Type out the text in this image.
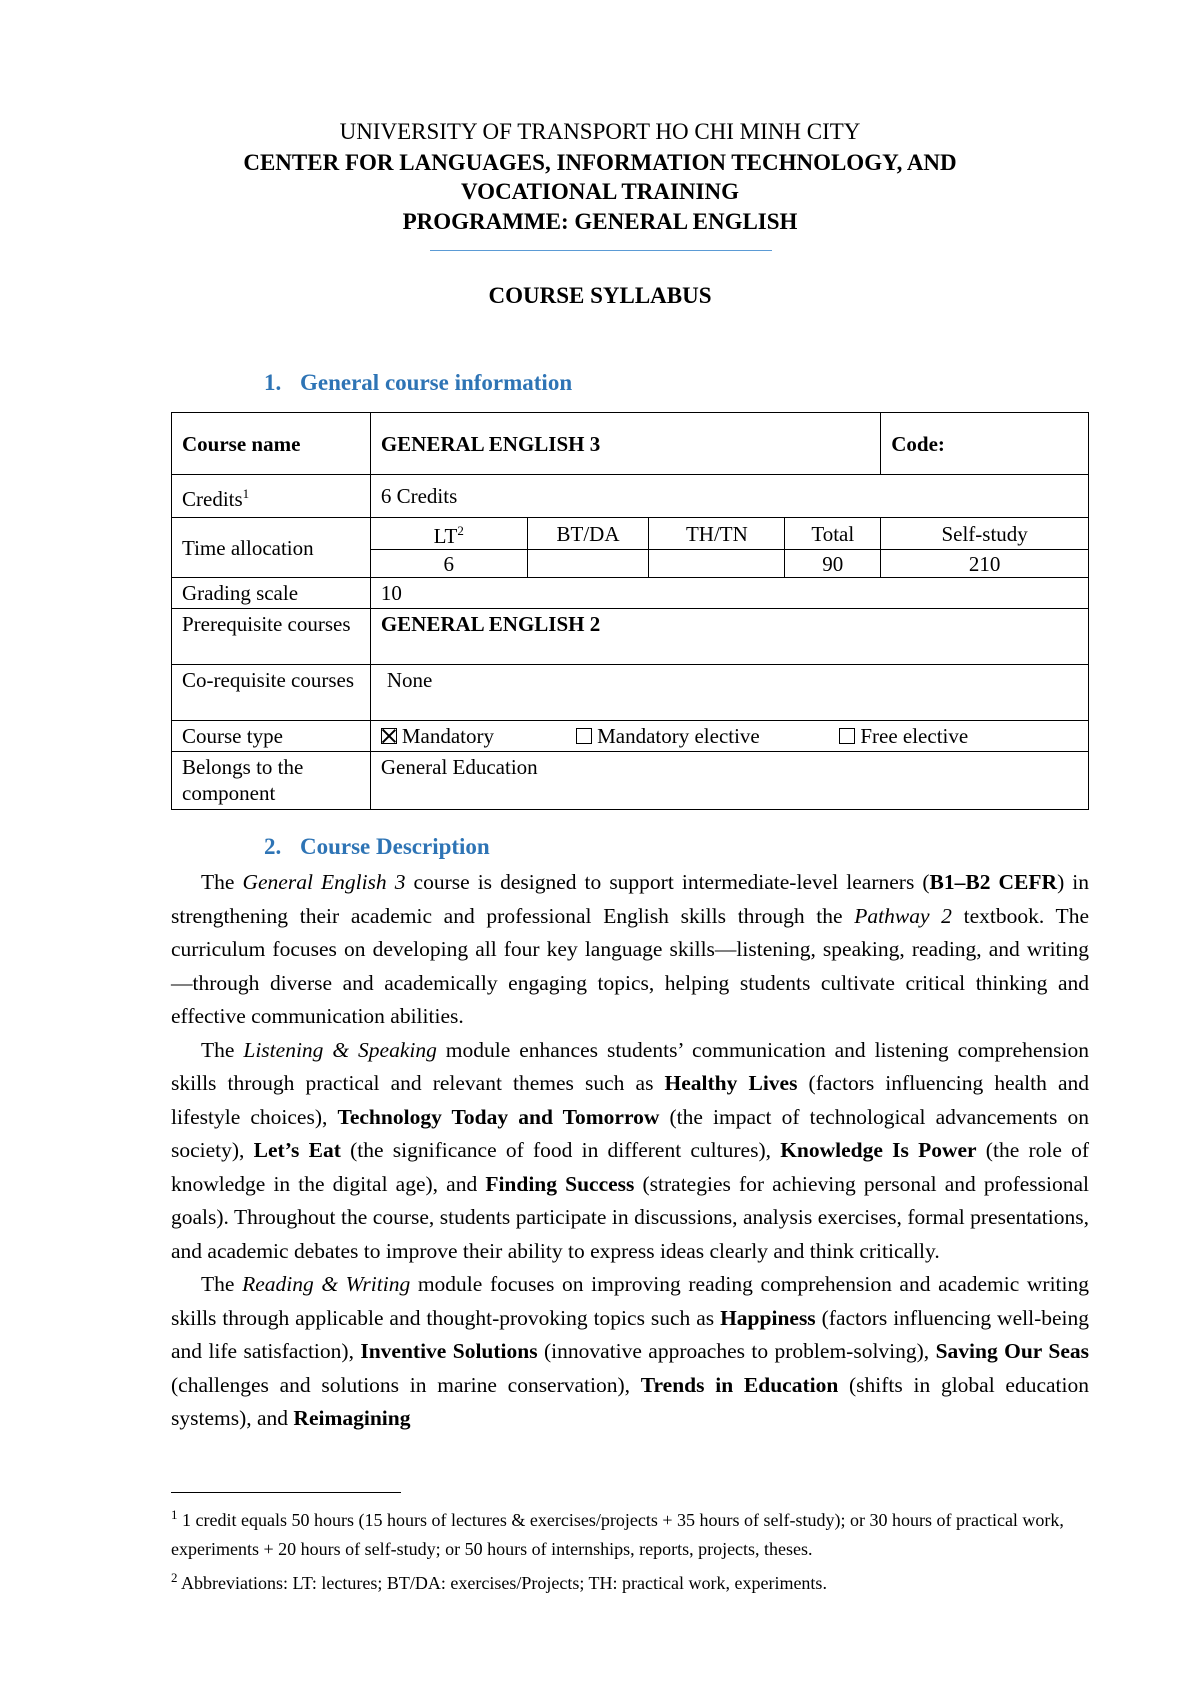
UNIVERSITY OF TRANSPORT HO CHI MINH CITY
CENTER FOR LANGUAGES, INFORMATION TECHNOLOGY, AND
VOCATIONAL TRAINING
PROGRAMME: GENERAL ENGLISH
COURSE SYLLABUS
1. General course information
Course name	GENERAL ENGLISH 3				Code:
Credits$^1$	6 Credits				
Time allocation	$LT^2$	BT/DA	TH/TN	Total	Self-study
	6			90	210
Grading scale	10				
Prerequisite courses	GENERAL ENGLISH 2				
Co-requisite courses	None				
Course type	Mandatory Mandatory elective Free elective				
Belongs to the component	General Education				
2. Course Description

The General English 3 course is designed to support intermediate-level learners (B1–B2 CEFR) in strengthening their academic and professional English skills through the Pathway 2 textbook. The curriculum focuses on developing all four key language skills—listening, speaking, reading, and writing—through diverse and academically engaging topics, helping students cultivate critical thinking and effective communication abilities.

The Listening & Speaking module enhances students’ communication and listening comprehension skills through practical and relevant themes such as Healthy Lives (factors influencing health and lifestyle choices), Technology Today and Tomorrow (the impact of technological advancements on society), Let’s Eat (the significance of food in different cultures), Knowledge Is Power (the role of knowledge in the digital age), and Finding Success (strategies for achieving personal and professional goals). Throughout the course, students participate in discussions, analysis exercises, formal presentations, and academic debates to improve their ability to express ideas clearly and think critically.

The Reading & Writing module focuses on improving reading comprehension and academic writing skills through applicable and thought-provoking topics such as Happiness (factors influencing well-being and life satisfaction), Inventive Solutions (innovative approaches to problem-solving), Saving Our Seas (challenges and solutions in marine conservation), Trends in Education (shifts in global education systems), and Reimagining

$^1$ 1 credit equals 50 hours (15 hours of lectures & exercises/projects + 35 hours of self-study); or 30 hours of practical work, experiments + 20 hours of self-study; or 50 hours of internships, reports, projects, theses.
$^2$ Abbreviations: LT: lectures; BT/DA: exercises/Projects; TH: practical work, experiments.
